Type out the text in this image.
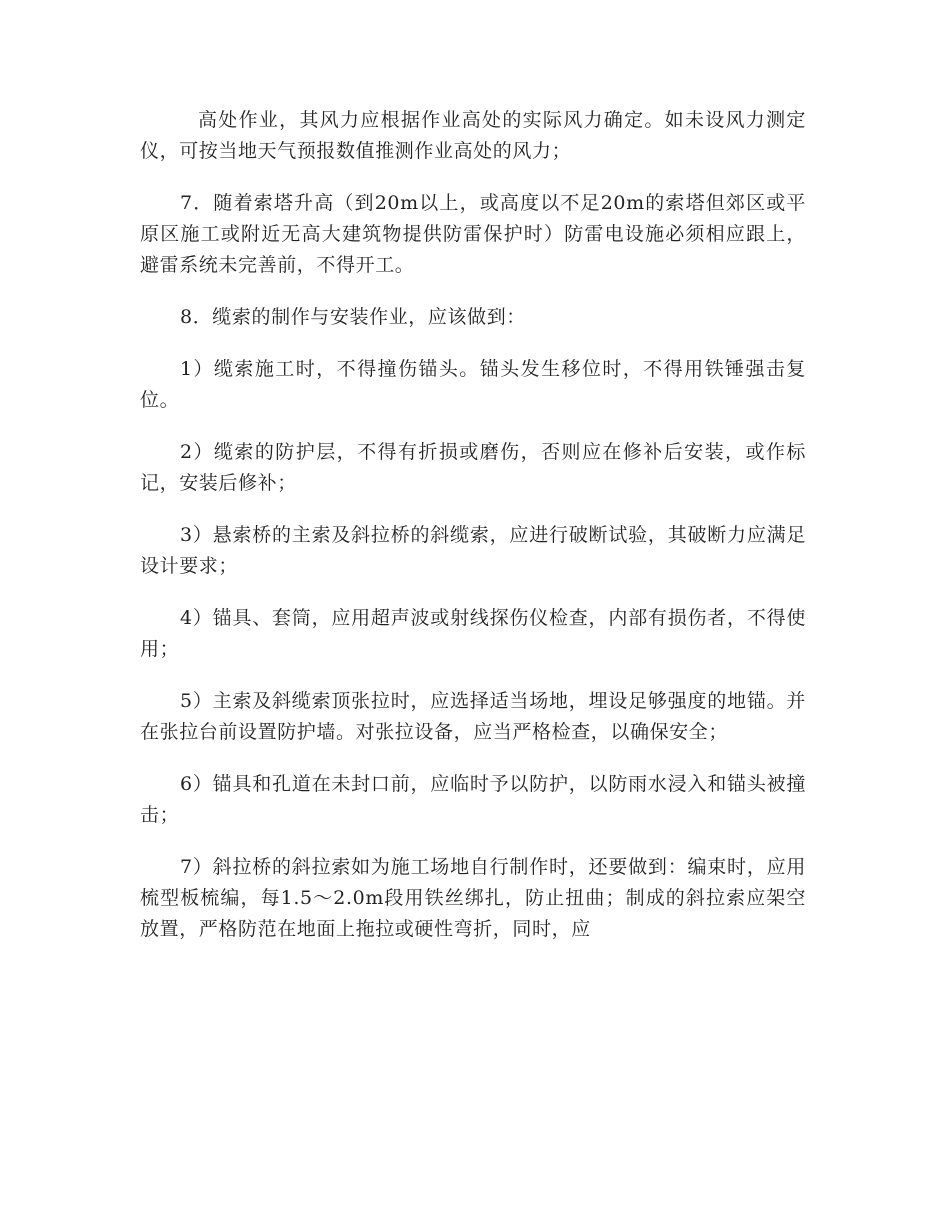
高处作业，其风力应根据作业高处的实际风力确定。如未设风力测定仪，可按当地天气预报数值推测作业高处的风力；

7．随着索塔升高（到20m以上，或高度以不足20m的索塔但郊区或平原区施工或附近无高大建筑物提供防雷保护时）防雷电设施必须相应跟上，避雷系统未完善前，不得开工。

8．缆索的制作与安装作业，应该做到：

1）缆索施工时，不得撞伤锚头。锚头发生移位时，不得用铁锤强击复位。

2）缆索的防护层，不得有折损或磨伤，否则应在修补后安装，或作标记，安装后修补；

3）悬索桥的主索及斜拉桥的斜缆索，应进行破断试验，其破断力应满足设计要求；

4）锚具、套筒，应用超声波或射线探伤仪检查，内部有损伤者，不得使用；

5）主索及斜缆索顶张拉时，应选择适当场地，埋设足够强度的地锚。并在张拉台前设置防护墙。对张拉设备，应当严格检查，以确保安全；

6）锚具和孔道在未封口前，应临时予以防护，以防雨水浸入和锚头被撞击；

7）斜拉桥的斜拉索如为施工场地自行制作时，还要做到：编束时，应用梳型板梳编，每1.5～2.0m段用铁丝绑扎，防止扭曲；制成的斜拉索应架空放置，严格防范在地面上拖拉或硬性弯折，同时，应
